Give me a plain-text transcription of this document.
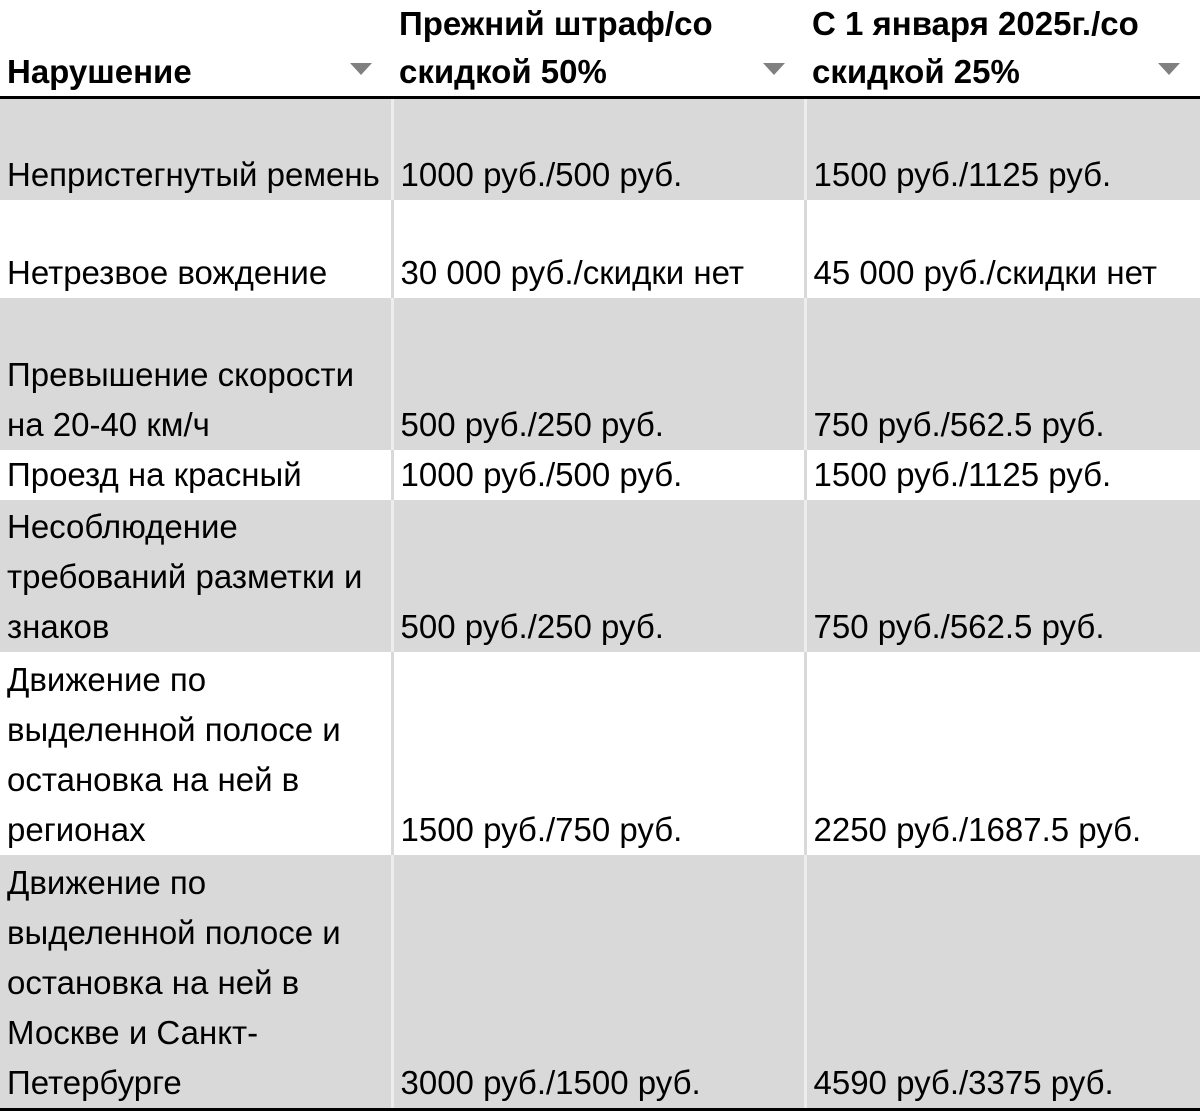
Нарушение	Прежний штраф/со скидкой 50%	С 1 января 2025г./со скидкой 25%

Непристегнутый ремень	1000 руб./500 руб.	1500 руб./1125 руб.
Нетрезвое вождение	30 000 руб./скидки нет	45 000 руб./скидки нет
Превышение скорости на 20-40 км/ч	500 руб./250 руб.	750 руб./562.5 руб.
Проезд на красный	1000 руб./500 руб.	1500 руб./1125 руб.
Несоблюдение требований разметки и знаков	500 руб./250 руб.	750 руб./562.5 руб.
Движение по выделенной полосе и остановка на ней в регионах	1500 руб./750 руб.	2250 руб./1687.5 руб.
Движение по выделенной полосе и остановка на ней в Москве и Санкт-Петербурге	3000 руб./1500 руб.	4590 руб./3375 руб.
